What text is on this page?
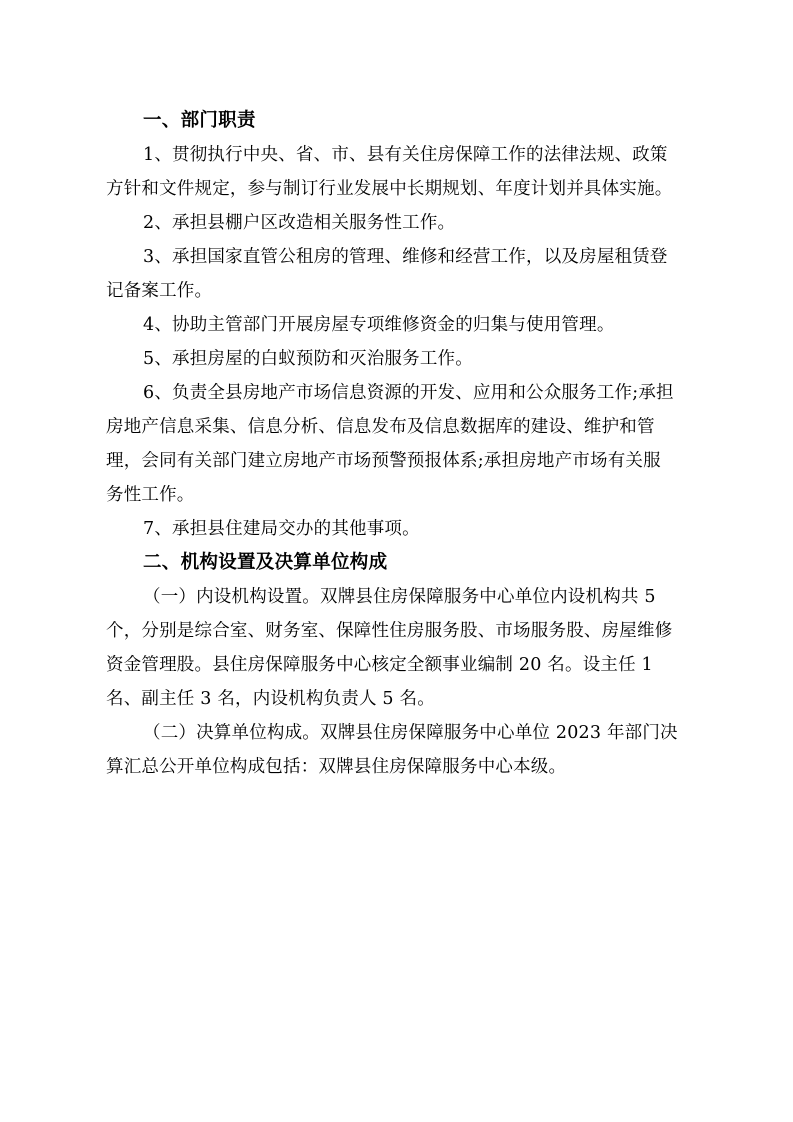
一、部门职责

1、贯彻执行中央、省、市、县有关住房保障工作的法律法规、政策
方针和文件规定，参与制订行业发展中长期规划、年度计划并具体实施。

2、承担县棚户区改造相关服务性工作。

3、承担国家直管公租房的管理、维修和经营工作，以及房屋租赁登
记备案工作。

4、协助主管部门开展房屋专项维修资金的归集与使用管理。

5、承担房屋的白蚁预防和灭治服务工作。

6、负责全县房地产市场信息资源的开发、应用和公众服务工作;承担
房地产信息采集、信息分析、信息发布及信息数据库的建设、维护和管
理，会同有关部门建立房地产市场预警预报体系;承担房地产市场有关服
务性工作。

7、承担县住建局交办的其他事项。

二、机构设置及决算单位构成

（一）内设机构设置。双牌县住房保障服务中心单位内设机构共 5
个，分别是综合室、财务室、保障性住房服务股、市场服务股、房屋维修
资金管理股。县住房保障服务中心核定全额事业编制 20 名。设主任 1
名、副主任 3 名，内设机构负责人 5 名。

（二）决算单位构成。双牌县住房保障服务中心单位 2023 年部门决
算汇总公开单位构成包括：双牌县住房保障服务中心本级。
